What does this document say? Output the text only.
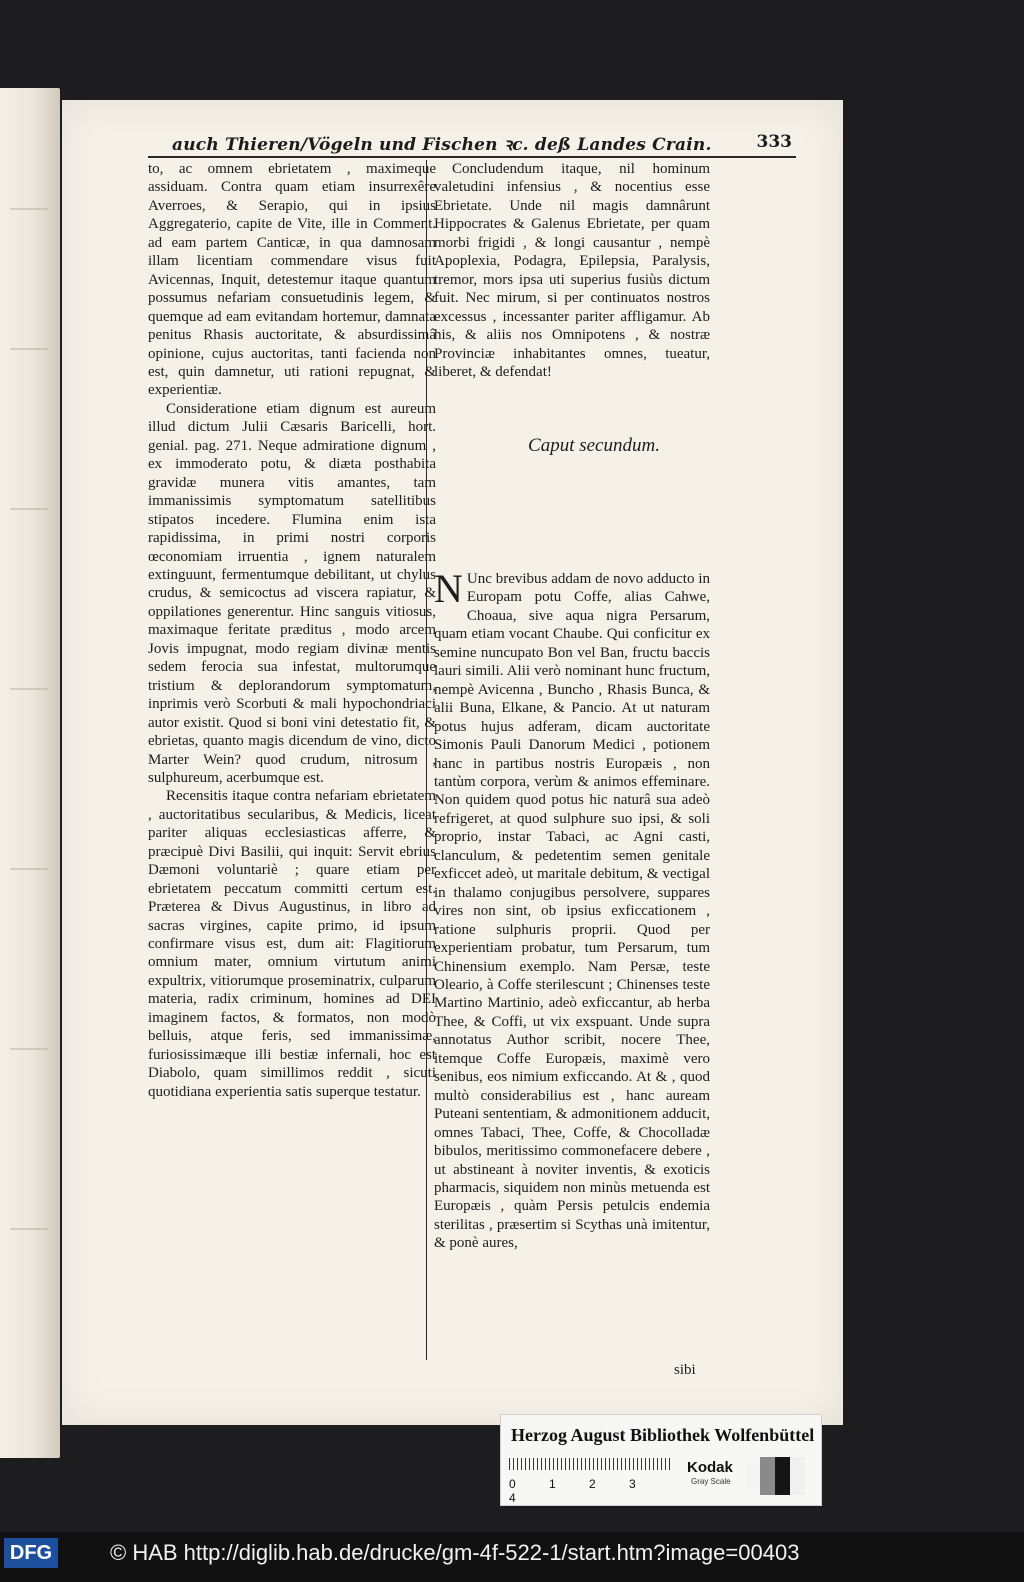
auch Thieren/Vögeln und Fischen ꝛc. deß Landes Crain.	333

to, ac omnem ebrietatem , maximeque assiduam. Contra quam etiam insurrexêre Averroes, & Serapio, qui in ipsius Aggregaterio, capite de Vite, ille in Comment. ad eam partem Canticæ, in qua damnosam illam licentiam commendare visus fuit Avicennas, Inquit, detestemur itaque quantum possumus nefariam consuetudinis legem, & quemque ad eam evitandam hortemur, damnata penitus Rhasis auctoritate, & absurdissimâ opinione, cujus auctoritas, tanti facienda non est, quin damnetur, uti rationi repugnat, & experientiæ.

Consideratione etiam dignum est aureum illud dictum Julii Cæsaris Baricelli, hort. genial. pag. 271. Neque admiratione dignum , ex immoderato potu, & diæta posthabita gravidæ munera vitis amantes, tam immanissimis symptomatum satellitibus stipatos incedere. Flumina enim ista rapidissima, in primi nostri corporis œconomiam irruentia , ignem naturalem extinguunt, fermentumque debilitant, ut chylus crudus, & semicoctus ad viscera rapiatur, & oppilationes generentur. Hinc sanguis vitiosus, maximaque feritate præditus , modo arcem Jovis impugnat, modo regiam divinæ mentis sedem ferocia sua infestat, multorumque tristium & deplorandorum symptomatum, inprimis verò Scorbuti & mali hypochondriaci autor existit. Quod si boni vini detestatio fit, & ebrietas, quanto magis dicendum de vino, dicto Marter Wein? quod crudum, nitrosum , sulphureum, acerbumque est.

Recensitis itaque contra nefariam ebrietatem , auctoritatibus secularibus, & Medicis, liceat pariter aliquas ecclesiasticas afferre, & præcipuè Divi Basilii, qui inquit: Servit ebrius Dæmoni voluntariè ; quare etiam per ebrietatem peccatum committi certum est. Præterea & Divus Augustinus, in libro ad sacras virgines, capite primo, id ipsum confirmare visus est, dum ait: Flagitiorum omnium mater, omnium virtutum animi expultrix, vitiorumque proseminatrix, culparum materia, radix criminum, homines ad DEI imaginem factos, & formatos, non modò belluis, atque feris, sed immanissimæ, furiosissimæque illi bestiæ infernali, hoc est Diabolo, quam simillimos reddit , sicuti quotidiana experientia satis superque testatur.

Concludendum itaque, nil hominum valetudini infensius , & nocentius esse Ebrietate. Unde nil magis damnârunt Hippocrates & Galenus Ebrietate, per quam morbi frigidi , & longi causantur , nempè Apoplexia, Podagra, Epilepsia, Paralysis, tremor, mors ipsa uti superius fusiùs dictum fuit. Nec mirum, si per continuatos nostros excessus , incessanter pariter affligamur. Ab his, & aliis nos Omnipotens , & nostræ Provinciæ inhabitantes omnes, tueatur, liberet, & defendat!

Caput secundum.

N Unc brevibus addam de novo adducto in Europam potu Coffe, alias Cahwe, Choaua, sive aqua nigra Persarum, quam etiam vocant Chaube. Qui conficitur ex semine nuncupato Bon vel Ban, fructu baccis lauri simili. Alii verò nominant hunc fructum, nempè Avicenna , Buncho , Rhasis Bunca, & alii Buna, Elkane, & Pancio. At ut naturam potus hujus adferam, dicam auctoritate Simonis Pauli Danorum Medici , potionem hanc in partibus nostris Europæis , non tantùm corpora, verùm & animos effeminare. Non quidem quod potus hic naturâ sua adeò refrigeret, at quod sulphure suo ipsi, & soli proprio, instar Tabaci, ac Agni casti, clanculum, & pedetentim semen genitale exficcet adeò, ut maritale debitum, & vectigal in thalamo conjugibus persolvere, suppares vires non sint, ob ipsius exficcationem , ratione sulphuris proprii. Quod per experientiam probatur, tum Persarum, tum Chinensium exemplo. Nam Persæ, teste Oleario, à Coffe sterilescunt ; Chinenses teste Martino Martinio, adeò exficcantur, ab herba Thee, & Coffi, ut vix exspuant. Unde supra annotatus Author scribit, nocere Thee, itemque Coffe Europæis, maximè vero senibus, eos nimium exficcando. At & , quod multò considerabilius est , hanc auream Puteani sententiam, & admonitionem adducit, omnes Tabaci, Thee, Coffe, & Chocolladæ bibulos, meritissimo commonefacere debere , ut abstineant à noviter inventis, & exoticis pharmacis, siquidem non minùs metuenda est Europæis , quàm Persis petulcis endemia sterilitas , præsertim si Scythas unà imitentur, & ponè aures,

sibi
Herzog August Bibliothek Wolfenbüttel
0	1	2	34
Kodak
Gray Scale
DFG	© HAB http://diglib.hab.de/drucke/gm-4f-522-1/start.htm?image=00403
